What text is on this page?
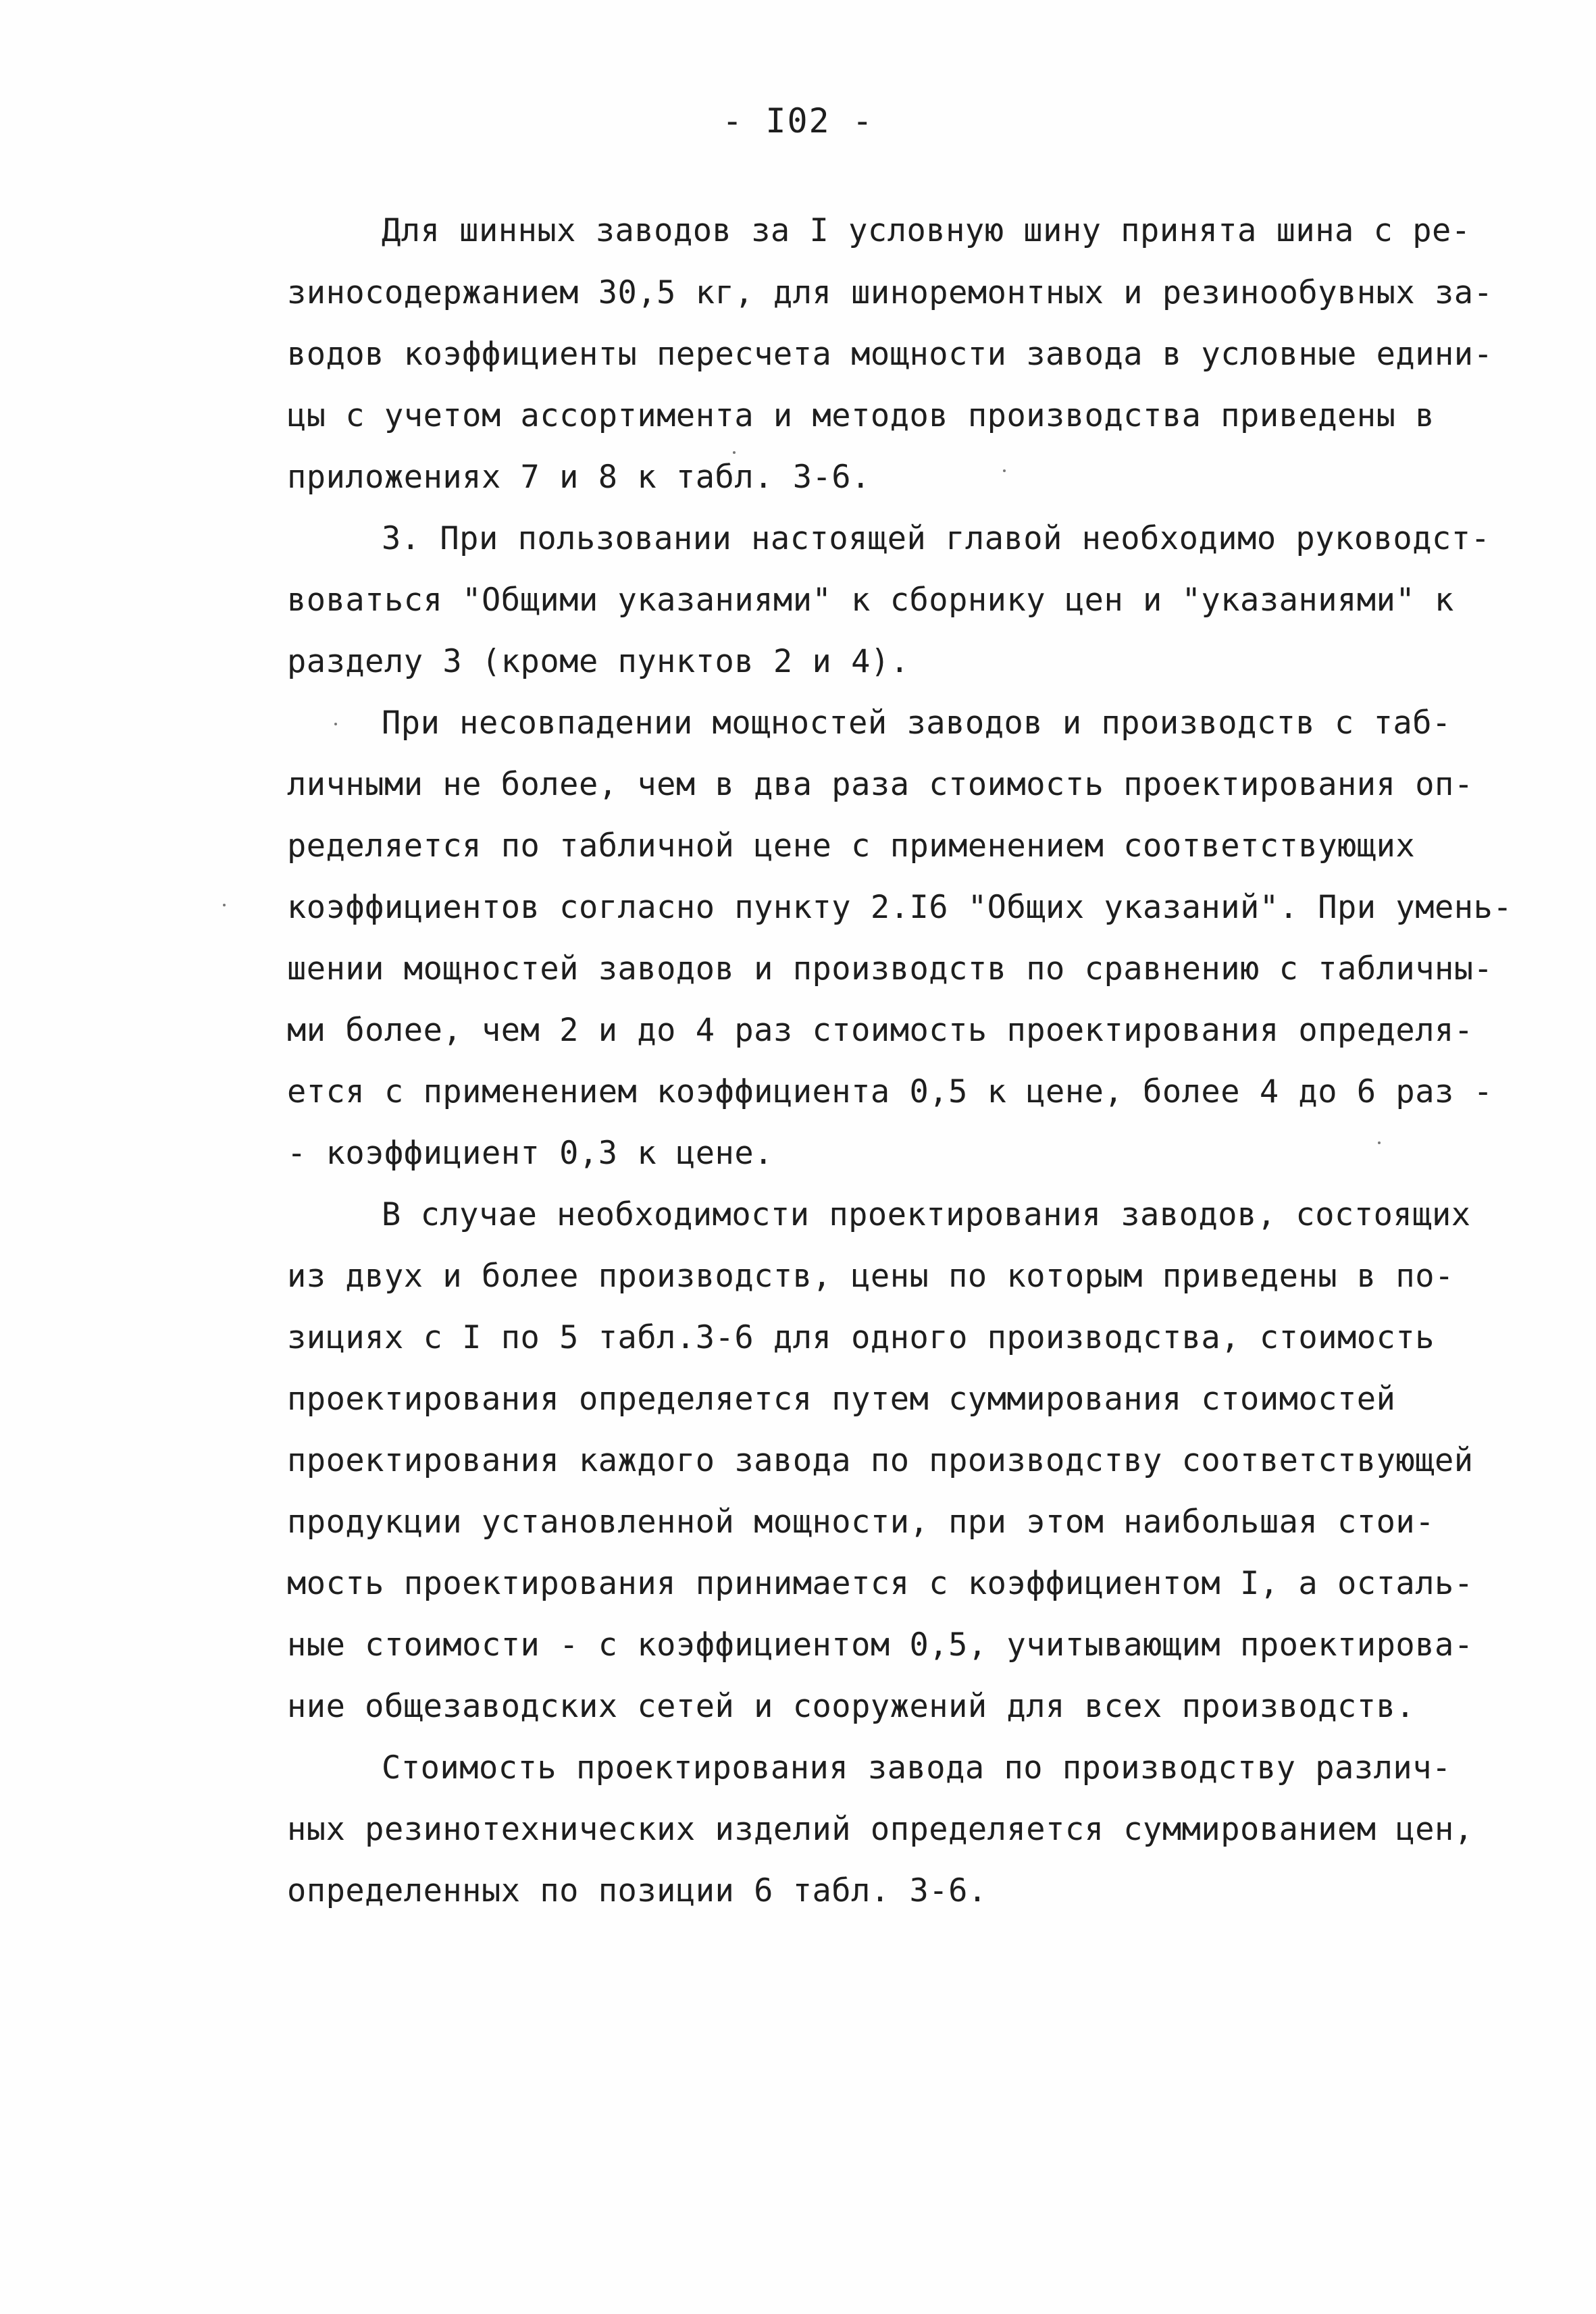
- I02 -
Для шинных заводов за I условную шину принята шина с ре-
зиносодержанием 30,5 кг, для шиноремонтных и резинообувных за-
водов коэффициенты пересчета мощности завода в условные едини-
цы с учетом ассортимента и методов производства приведены в
приложениях 7 и 8 к табл. 3-6.
3. При пользовании настоящей главой необходимо руководст-
воваться "Общими указаниями" к сборнику цен и "указаниями" к
разделу 3 (кроме пунктов 2 и 4).
При несовпадении мощностей заводов и производств с таб-
личными не более, чем в два раза стоимость проектирования оп-
ределяется по табличной цене с применением соответствующих
коэффициентов согласно пункту 2.I6 "Общих указаний". При умень-
шении мощностей заводов и производств по сравнению с табличны-
ми более, чем 2 и до 4 раз стоимость проектирования определя-
ется с применением коэффициента 0,5 к цене, более 4 до 6 раз -
- коэффициент 0,3 к цене.
В случае необходимости проектирования заводов, состоящих
из двух и более производств, цены по которым приведены в по-
зициях с I по 5 табл.3-6 для одного производства, стоимость
проектирования определяется путем суммирования стоимостей
проектирования каждого завода по производству соответствующей
продукции установленной мощности, при этом наибольшая стои-
мость проектирования принимается с коэффициентом I, а осталь-
ные стоимости - с коэффициентом 0,5, учитывающим проектирова-
ние общезаводских сетей и сооружений для всех производств.
Стоимость проектирования завода по производству различ-
ных резинотехнических изделий определяется суммированием цен,
определенных по позиции 6 табл. 3-6.
